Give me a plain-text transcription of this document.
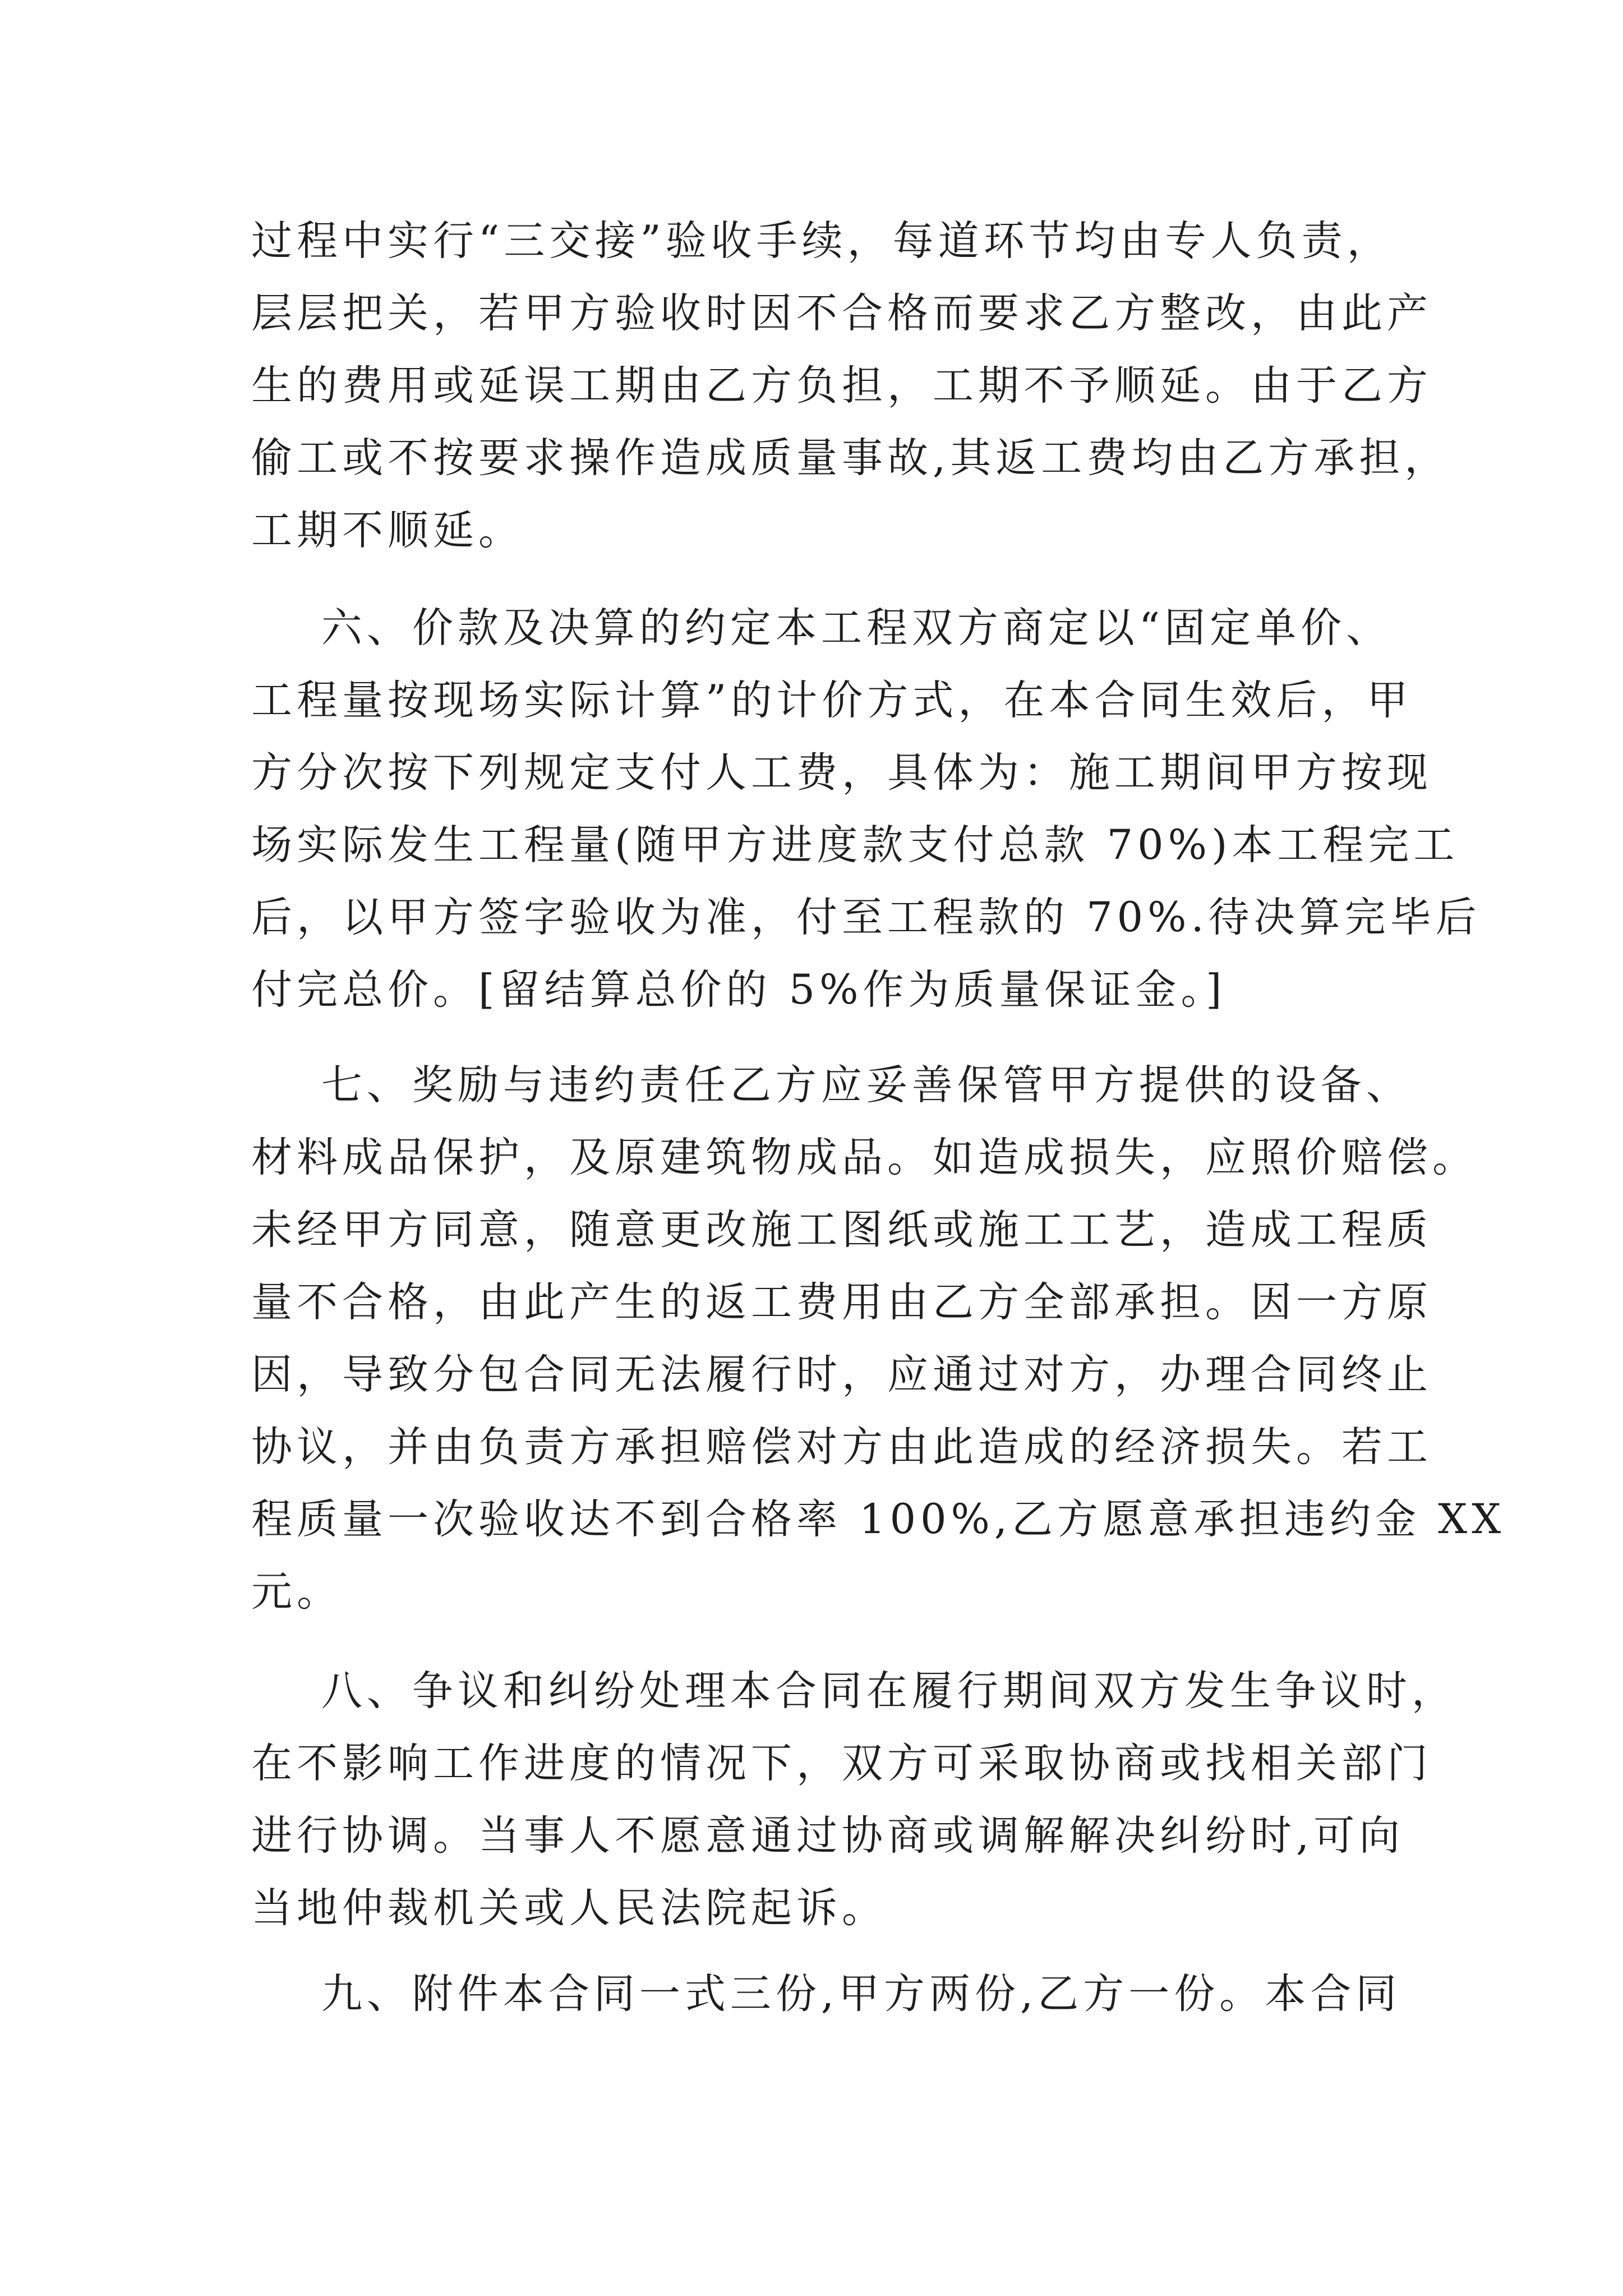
过程中实行“三交接”验收手续，每道环节均由专人负责，
层层把关，若甲方验收时因不合格而要求乙方整改，由此产
生的费用或延误工期由乙方负担，工期不予顺延。由于乙方
偷工或不按要求操作造成质量事故,其返工费均由乙方承担，
工期不顺延。
六、价款及决算的约定本工程双方商定以“固定单价、
工程量按现场实际计算”的计价方式，在本合同生效后，甲
方分次按下列规定支付人工费，具体为：施工期间甲方按现
场实际发生工程量(随甲方进度款支付总款 70%)本工程完工
后，以甲方签字验收为准，付至工程款的 70%.待决算完毕后
付完总价。[留结算总价的 5%作为质量保证金。]
七、奖励与违约责任乙方应妥善保管甲方提供的设备、
材料成品保护，及原建筑物成品。如造成损失，应照价赔偿。
未经甲方同意，随意更改施工图纸或施工工艺，造成工程质
量不合格，由此产生的返工费用由乙方全部承担。因一方原
因，导致分包合同无法履行时，应通过对方，办理合同终止
协议，并由负责方承担赔偿对方由此造成的经济损失。若工
程质量一次验收达不到合格率 100%,乙方愿意承担违约金 XX
元。
八、争议和纠纷处理本合同在履行期间双方发生争议时，
在不影响工作进度的情况下，双方可采取协商或找相关部门
进行协调。当事人不愿意通过协商或调解解决纠纷时,可向
当地仲裁机关或人民法院起诉。
九、附件本合同一式三份,甲方两份,乙方一份。本合同
